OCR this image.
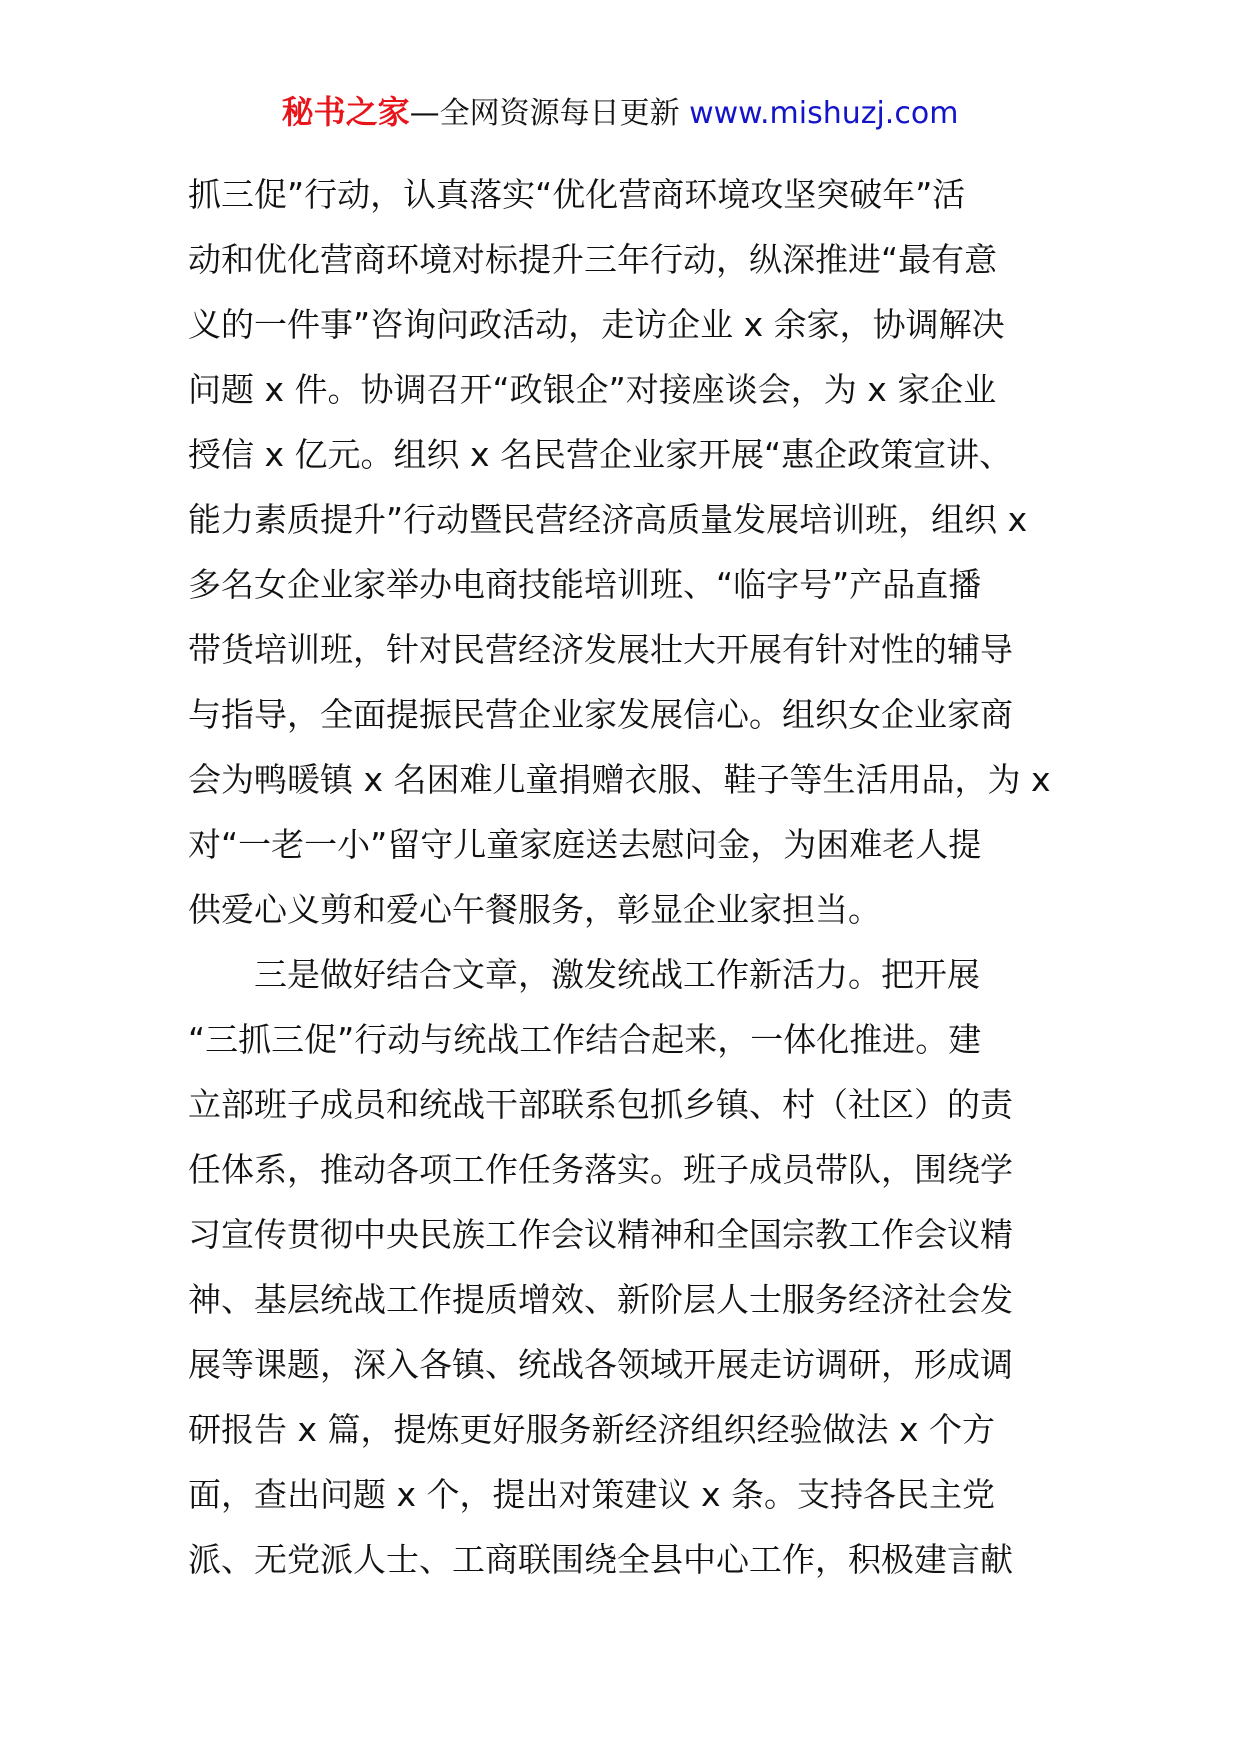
秘书之家—全网资源每日更新 www.mishuzj.com
抓三促”行动，认真落实“优化营商环境攻坚突破年”活
动和优化营商环境对标提升三年行动，纵深推进“最有意
义的一件事”咨询问政活动，走访企业 x 余家，协调解决
问题 x 件。协调召开“政银企”对接座谈会，为 x 家企业
授信 x 亿元。组织 x 名民营企业家开展“惠企政策宣讲、
能力素质提升”行动暨民营经济高质量发展培训班，组织 x
多名女企业家举办电商技能培训班、“临字号”产品直播
带货培训班，针对民营经济发展壮大开展有针对性的辅导
与指导，全面提振民营企业家发展信心。组织女企业家商
会为鸭暖镇 x 名困难儿童捐赠衣服、鞋子等生活用品，为 x
对“一老一小”留守儿童家庭送去慰问金，为困难老人提
供爱心义剪和爱心午餐服务，彰显企业家担当。
三是做好结合文章，激发统战工作新活力。把开展
“三抓三促”行动与统战工作结合起来，一体化推进。建
立部班子成员和统战干部联系包抓乡镇、村（社区）的责
任体系，推动各项工作任务落实。班子成员带队，围绕学
习宣传贯彻中央民族工作会议精神和全国宗教工作会议精
神、基层统战工作提质增效、新阶层人士服务经济社会发
展等课题，深入各镇、统战各领域开展走访调研，形成调
研报告 x 篇，提炼更好服务新经济组织经验做法 x 个方
面，查出问题 x 个，提出对策建议 x 条。支持各民主党
派、无党派人士、工商联围绕全县中心工作，积极建言献
